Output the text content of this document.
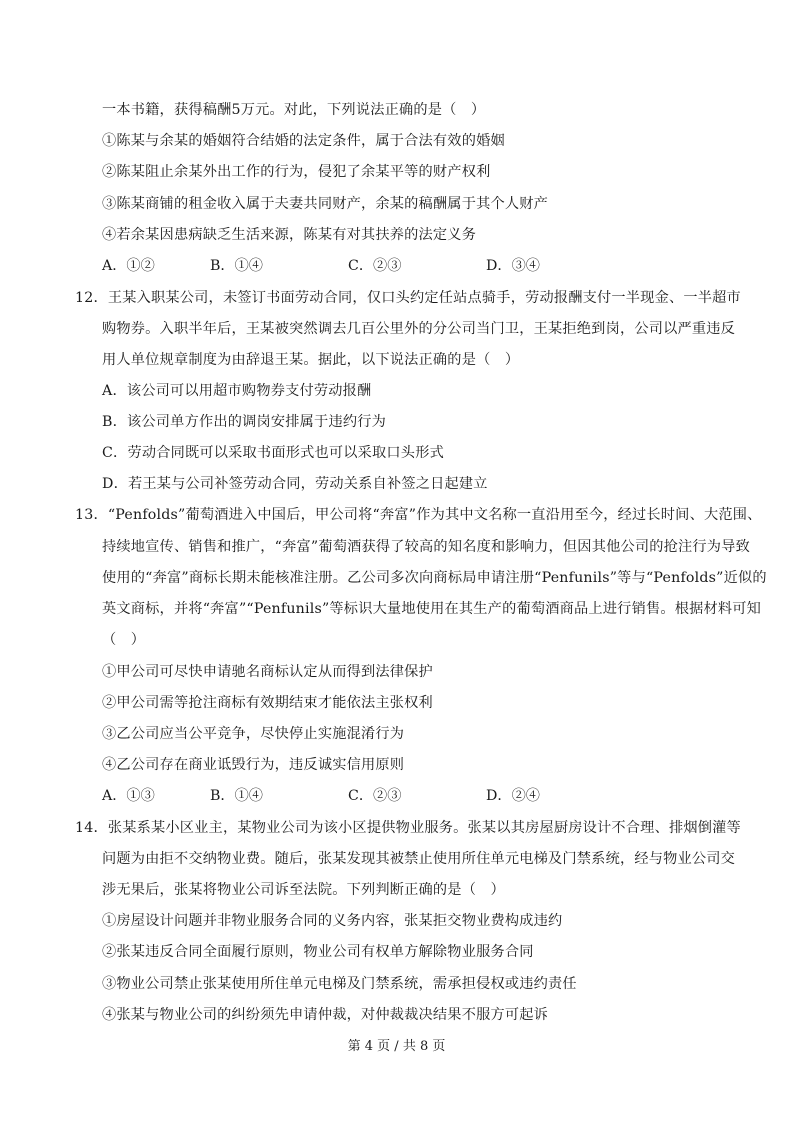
一本书籍，获得稿酬5万元。对此，下列说法正确的是（　）
①陈某与余某的婚姻符合结婚的法定条件，属于合法有效的婚姻
②陈某阻止余某外出工作的行为，侵犯了余某平等的财产权利
③陈某商铺的租金收入属于夫妻共同财产，余某的稿酬属于其个人财产
④若余某因患病缺乏生活来源，陈某有对其扶养的法定义务
A．①②	B．①④	C．②③	D．③④
12．王某入职某公司，未签订书面劳动合同，仅口头约定任站点骑手，劳动报酬支付一半现金、一半超市
购物券。入职半年后，王某被突然调去几百公里外的分公司当门卫，王某拒绝到岗，公司以严重违反
用人单位规章制度为由辞退王某。据此，以下说法正确的是（　）
A．该公司可以用超市购物券支付劳动报酬
B．该公司单方作出的调岗安排属于违约行为
C．劳动合同既可以采取书面形式也可以采取口头形式
D．若王某与公司补签劳动合同，劳动关系自补签之日起建立
13．“Penfolds”葡萄酒进入中国后，甲公司将“奔富”作为其中文名称一直沿用至今，经过长时间、大范围、
持续地宣传、销售和推广，“奔富”葡萄酒获得了较高的知名度和影响力，但因其他公司的抢注行为导致
使用的“奔富”商标长期未能核准注册。乙公司多次向商标局申请注册“Penfunils”等与“Penfolds”近似的
英文商标，并将“奔富”“Penfunils”等标识大量地使用在其生产的葡萄酒商品上进行销售。根据材料可知
（　）
①甲公司可尽快申请驰名商标认定从而得到法律保护
②甲公司需等抢注商标有效期结束才能依法主张权利
③乙公司应当公平竞争，尽快停止实施混淆行为
④乙公司存在商业诋毁行为，违反诚实信用原则
A．①③	B．①④	C．②③	D．②④
14．张某系某小区业主，某物业公司为该小区提供物业服务。张某以其房屋厨房设计不合理、排烟倒灌等
问题为由拒不交纳物业费。随后，张某发现其被禁止使用所住单元电梯及门禁系统，经与物业公司交
涉无果后，张某将物业公司诉至法院。下列判断正确的是（　）
①房屋设计问题并非物业服务合同的义务内容，张某拒交物业费构成违约
②张某违反合同全面履行原则，物业公司有权单方解除物业服务合同
③物业公司禁止张某使用所住单元电梯及门禁系统，需承担侵权或违约责任
④张某与物业公司的纠纷须先申请仲裁，对仲裁裁决结果不服方可起诉
第 4 页 / 共 8 页
